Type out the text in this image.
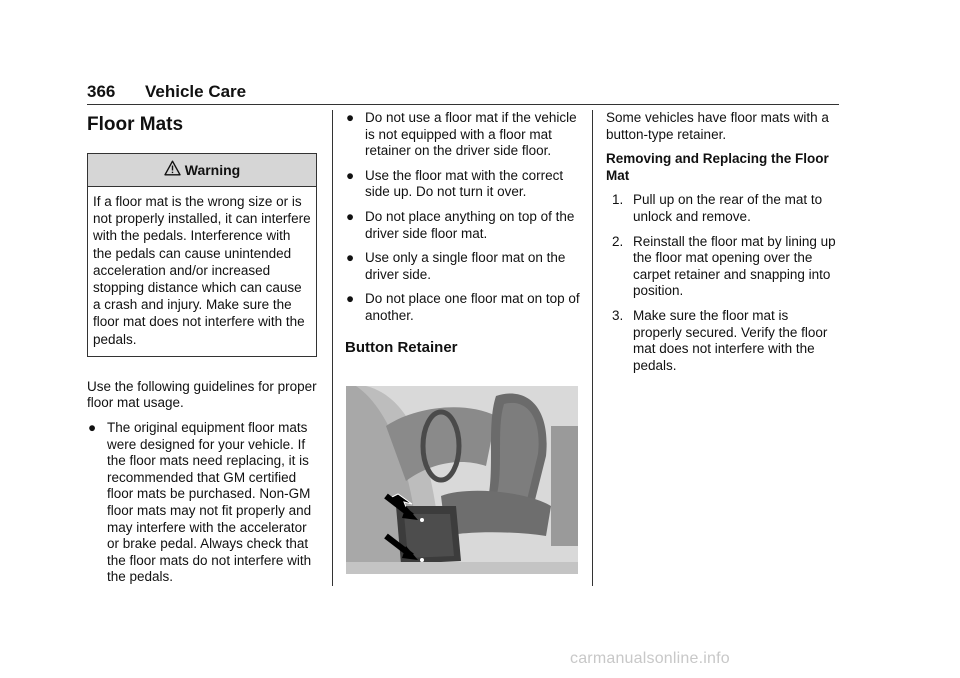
366 Vehicle Care
Floor Mats
Warning
If a floor mat is the wrong size or is not properly installed, it can interfere with the pedals. Interference with the pedals can cause unintended acceleration and/or increased stopping distance which can cause a crash and injury. Make sure the floor mat does not interfere with the pedals.

Use the following guidelines for proper floor mat usage.

● The original equipment floor mats were designed for your vehicle. If the floor mats need replacing, it is recommended that GM certified floor mats be purchased. Non-GM floor mats may not fit properly and may interfere with the accelerator or brake pedal. Always check that the floor mats do not interfere with the pedals.
● Do not use a floor mat if the vehicle is not equipped with a floor mat retainer on the driver side floor.
● Use the floor mat with the correct side up. Do not turn it over.
● Do not place anything on top of the driver side floor mat.
● Use only a single floor mat on the driver side.
● Do not place one floor mat on top of another.
Button Retainer

Some vehicles have floor mats with a button-type retainer.

Removing and Replacing the Floor Mat
1. Pull up on the rear of the mat to unlock and remove.
2. Reinstall the floor mat by lining up the floor mat opening over the carpet retainer and snapping into position.
3. Make sure the floor mat is properly secured. Verify the floor mat does not interfere with the pedals.
carmanualsonline.info
